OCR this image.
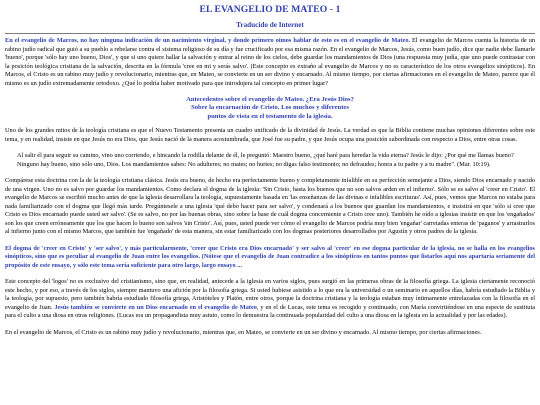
EL EVANGELIO DE MATEO - 1
Traducido de Internet

En el evangelio de Marcos, no hay ninguna indicación de un nacimiento virginal, y donde primero oímos hablar de esto es en el evangelio de Mateo. El evangelio de Marcos cuenta la historia de un rabino judío radical que guió a su pueblo a rebelarse contra el sistema religioso de su día y fue crucificado por esa misma razón. En el evangelio de Marcos, Jesús, como buen judío, dice que nadie debe llamarle 'bueno', porque 'sólo hay uno bueno, Dios', y que si uno quiere hallar la salvación y entrar al reino de los cielos, debe guardar los mandamientos de Dios (una respuesta muy judía, que uno puede contrastar con la posición teológica cristiana de la salvación, descrita en la fórmula 'cree en mi y serás salvo'. (Este concepto es extraño al evangelio de Marcos y no es característico de los otros evangelios sinópticos). En Marcos, el Cristo es un rabino muy judío y revolucionario, mientras que, en Mateo, se convierte en un ser divino y encarnado. Al mismo tiempo, por ciertas afirmaciones en el evangelio de Mateo, parece que él mismo es un judío extremadamente ortodoxo. ¿Qué lo podría haber motivado para que introdujera tal concepto en primer lugar?

Antecedentes sobre el evangelio de Mateo. ¿Era Jesús Dios?
Sobre la encarnación de Cristo. Los muchos y diferentes
puntos de vista en el testamento de la iglesia.

Uno de los grandes mitos de la teología cristiana es que el Nuevo Testamento presenta un cuadro unificado de la divinidad de Jesús. La verdad es que la Biblia contiene muchas opiniones diferentes sobre este tema, y en realidad, insiste en que Jesús no era Dios, que Jesús nació de la manera acostumbrada, que José fue su padre, y que Jesús ocupa una posición subordinada con respecto a Dios, entre otras cosas.

Al salir él para seguir su camino, vino uno corriendo, e hincando la rodilla delante de él, le preguntó: Maestro bueno, ¿qué haré para heredar la vida eterna? Jesús le dijo: ¿Por qué me llamas bueno? Ninguno hay bueno, sino sólo uno, Dios. Los mandamientos sabes: No adulteres; no mates; no hurtes; no digas falso testimonio; no defraudes; honra a tu padre y a tu madre". (Mar. 10:19).

Compárese esta doctrina con la de la teología cristiana clásica. Jesús era bueno, de hecho era perfectamente bueno y completamente infalible en su perfección semejante a Dios, siendo Dios encarnado y nacido de una virgen. Uno no es salvo por guardar los mandamientos. Como declara el dogma de la iglesia: 'Sin Cristo, hasta los buenos que no son salvos arden en el infierno'. Sólo se es salvo al 'creer en Cristo'. El evangelio de Marcos se escribió mucho antes de que la iglesia desarrollara la teología, supuestamente basada en 'las enseñanzas de las divinas e infalibles escrituras'. Así, pues, vemos que Marcos no estaba para nada familiarizado con el dogma que llegó más tarde. Pregúntesele a una iglesia 'qué debo hacer para ser salvo', y condenará a los buenos que guardan los mandamientos, e insistirá en que 'sólo si cree que Cristo es Dios encarnado puede usted ser salvo'. (Se es salvo, no por las buenas obras, sino sobre la base de cuál dogma concerniente a Cristo cree uno). También he oído a iglesias insistir en que los 'engañados' son los que creen erróneamente que los que hacen lo bueno son salvos 'sin Cristo'. Así, pues, usted puede ver cómo el evangelio de Marcos podría muy bien 'engañar' carretadas enteras de 'paganos' y arrastrarlos al infierno junto con el mismo Marcos, que también fue 'engañado' de esta manera, sin estar familiarizado con los dogmas posteriores desarrollados por Agustín y otros padres de la iglesia.

El dogma de 'creer en Cristo' y 'ser salvo', y más particularmente, 'creer que Cristo era Dios encarnado' y ser salvo al 'creer' en ese dogma particular de la iglesia, no se halla en los evangelios sinópticos, sino que es peculiar al evangelio de Juan entre los evangelios. (Nótese que el evangelio de Juan contradice a los sinópticos en tantos puntos que listarlos aquí nos apartaría seriamente del propósito de este ensayo, y sólo este tema sería suficiente para otro largo, largo ensayo ...

Este concepto del 'logos' no es exclusivo del cristianismo, sino que, en realidad, antecede a la iglesia en varios siglos, pues surgió en las primeras obras de la filosofía griega. La iglesia ciertamente reconoció este hecho, y por eso, a través de los siglos, siempre mantuvo una afición por la filosofía griega. Si usted hubiese asistido a lo que era la universidad o un seminario en aquellos días, habría estudiado la Biblia y la teología, por supuesto, pero también habría estudiado filosofía griega, Aristóteles y Platón, entre otros, porque la doctrina cristiana y la teología estaban muy íntimamente entrelazadas con la filosofía en el evangelio de Juan. Jesús también se convierte en un Dios encarnado en el evangelio de Mateo, y en el de Lucas, este tema es recogido y continuado, con María convirtiéndose en una especie de sustituta para el culto a una diosa en otras religiones. (Lucas era un propagandista muy astuto, como lo demuestra la continuada popularidad del culto a una diosa en la iglesia en la actualidad y por las edades).

En el evangelio de Marcos, el Cristo es un rabino muy judío y revolucionario, mientras que, en Mateo, se convierte en un ser divino y encarnado. Al mismo tiempo, por ciertas afirmaciones.
